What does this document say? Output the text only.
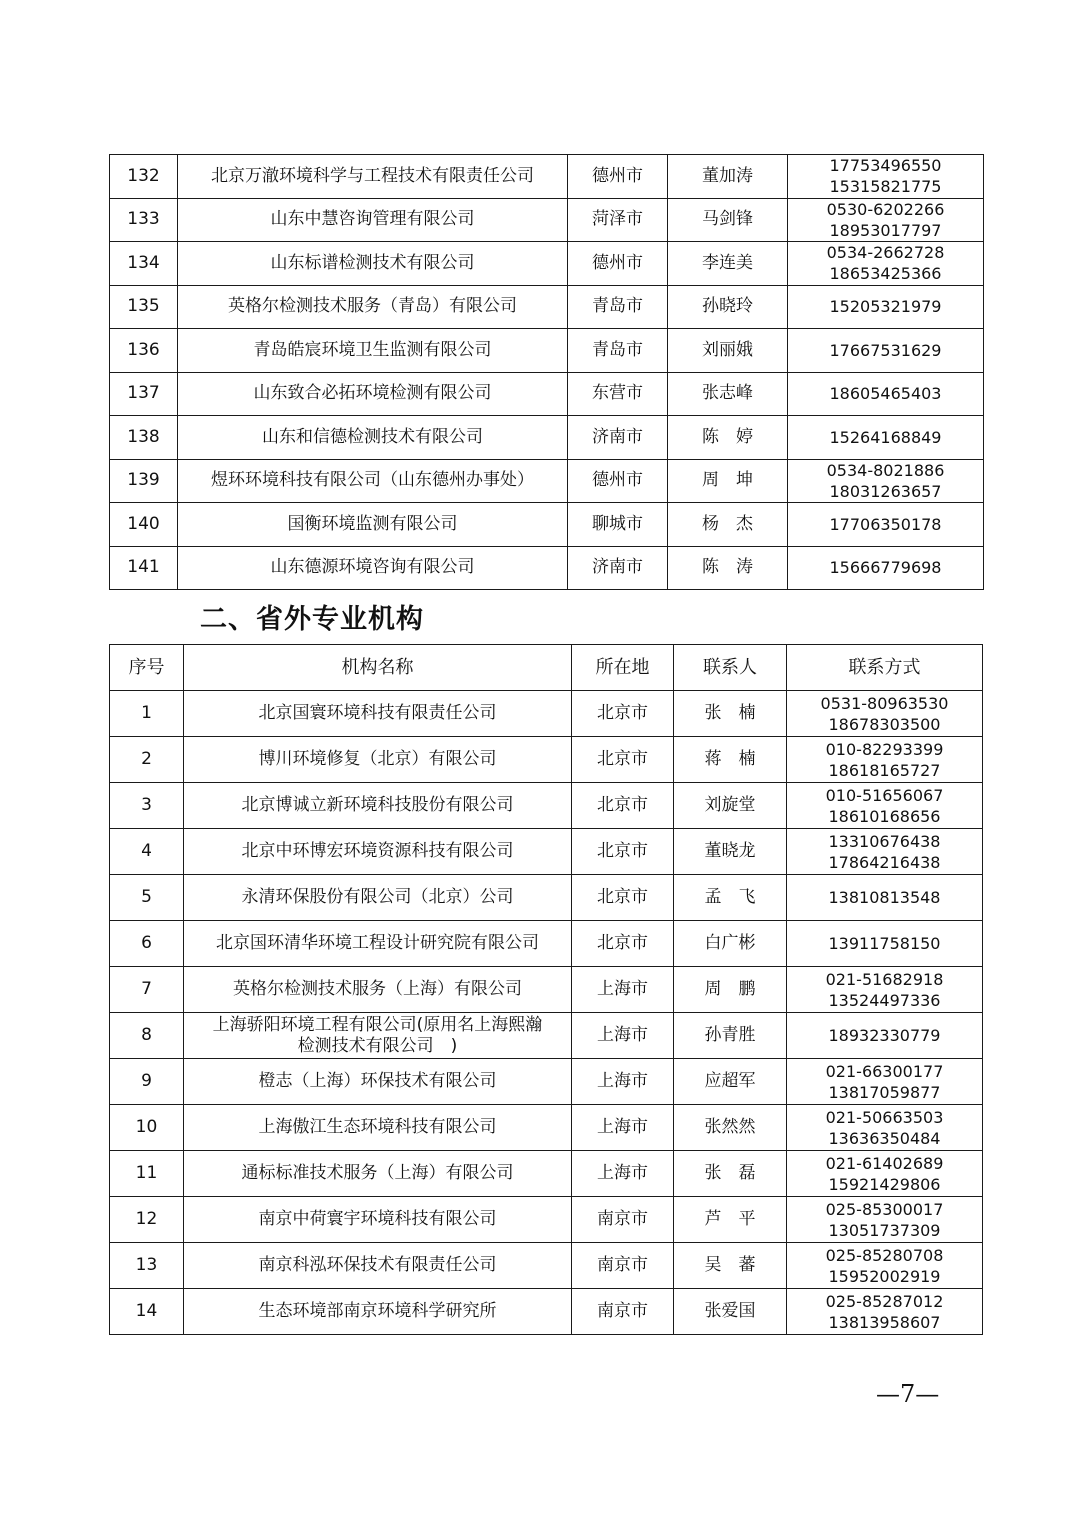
132	北京万澈环境科学与工程技术有限责任公司	德州市	董加涛	17753496550
15315821775

133	山东中慧咨询管理有限公司	菏泽市	马剑锋	0530-6202266
18953017797

134	山东标谱检测技术有限公司	德州市	李连美	0534-2662728
18653425366

135	英格尔检测技术服务（青岛）有限公司	青岛市	孙晓玲	15205321979

136	青岛皓宸环境卫生监测有限公司	青岛市	刘丽娥	17667531629

137	山东致合必拓环境检测有限公司	东营市	张志峰	18605465403

138	山东和信德检测技术有限公司	济南市	陈　婷	15264168849

139	煜环环境科技有限公司（山东德州办事处）	德州市	周　坤	0534-8021886
18031263657

140	国衡环境监测有限公司	聊城市	杨　杰	17706350178

141	山东德源环境咨询有限公司	济南市	陈　涛	15666779698
二、省外专业机构
序号	机构名称	所在地	联系人	联系方式
1	北京国寰环境科技有限责任公司	北京市	张　楠	0531-80963530
18678303500

2	博川环境修复（北京）有限公司	北京市	蒋　楠	010-82293399
18618165727

3	北京博诚立新环境科技股份有限公司	北京市	刘旋堂	010-51656067
18610168656

4	北京中环博宏环境资源科技有限公司	北京市	董晓龙	13310676438
17864216438

5	永清环保股份有限公司（北京）公司	北京市	孟　飞	13810813548

6	北京国环清华环境工程设计研究院有限公司	北京市	白广彬	13911758150

7	英格尔检测技术服务（上海）有限公司	上海市	周　鹏	021-51682918
13524497336

8	上海骄阳环境工程有限公司(原用名上海熙瀚
检测技术有限公司　)	上海市	孙青胜	18932330779

9	橙志（上海）环保技术有限公司	上海市	应超军	021-66300177
13817059877

10	上海傲江生态环境科技有限公司	上海市	张然然	021-50663503
13636350484

11	通标标准技术服务（上海）有限公司	上海市	张　磊	021-61402689
15921429806

12	南京中荷寰宇环境科技有限公司	南京市	芦　平	025-85300017
13051737309

13	南京科泓环保技术有限责任公司	南京市	吴　蕃	025-85280708
15952002919

14	生态环境部南京环境科学研究所	南京市	张爱国	025-85287012
13813958607
—7—
